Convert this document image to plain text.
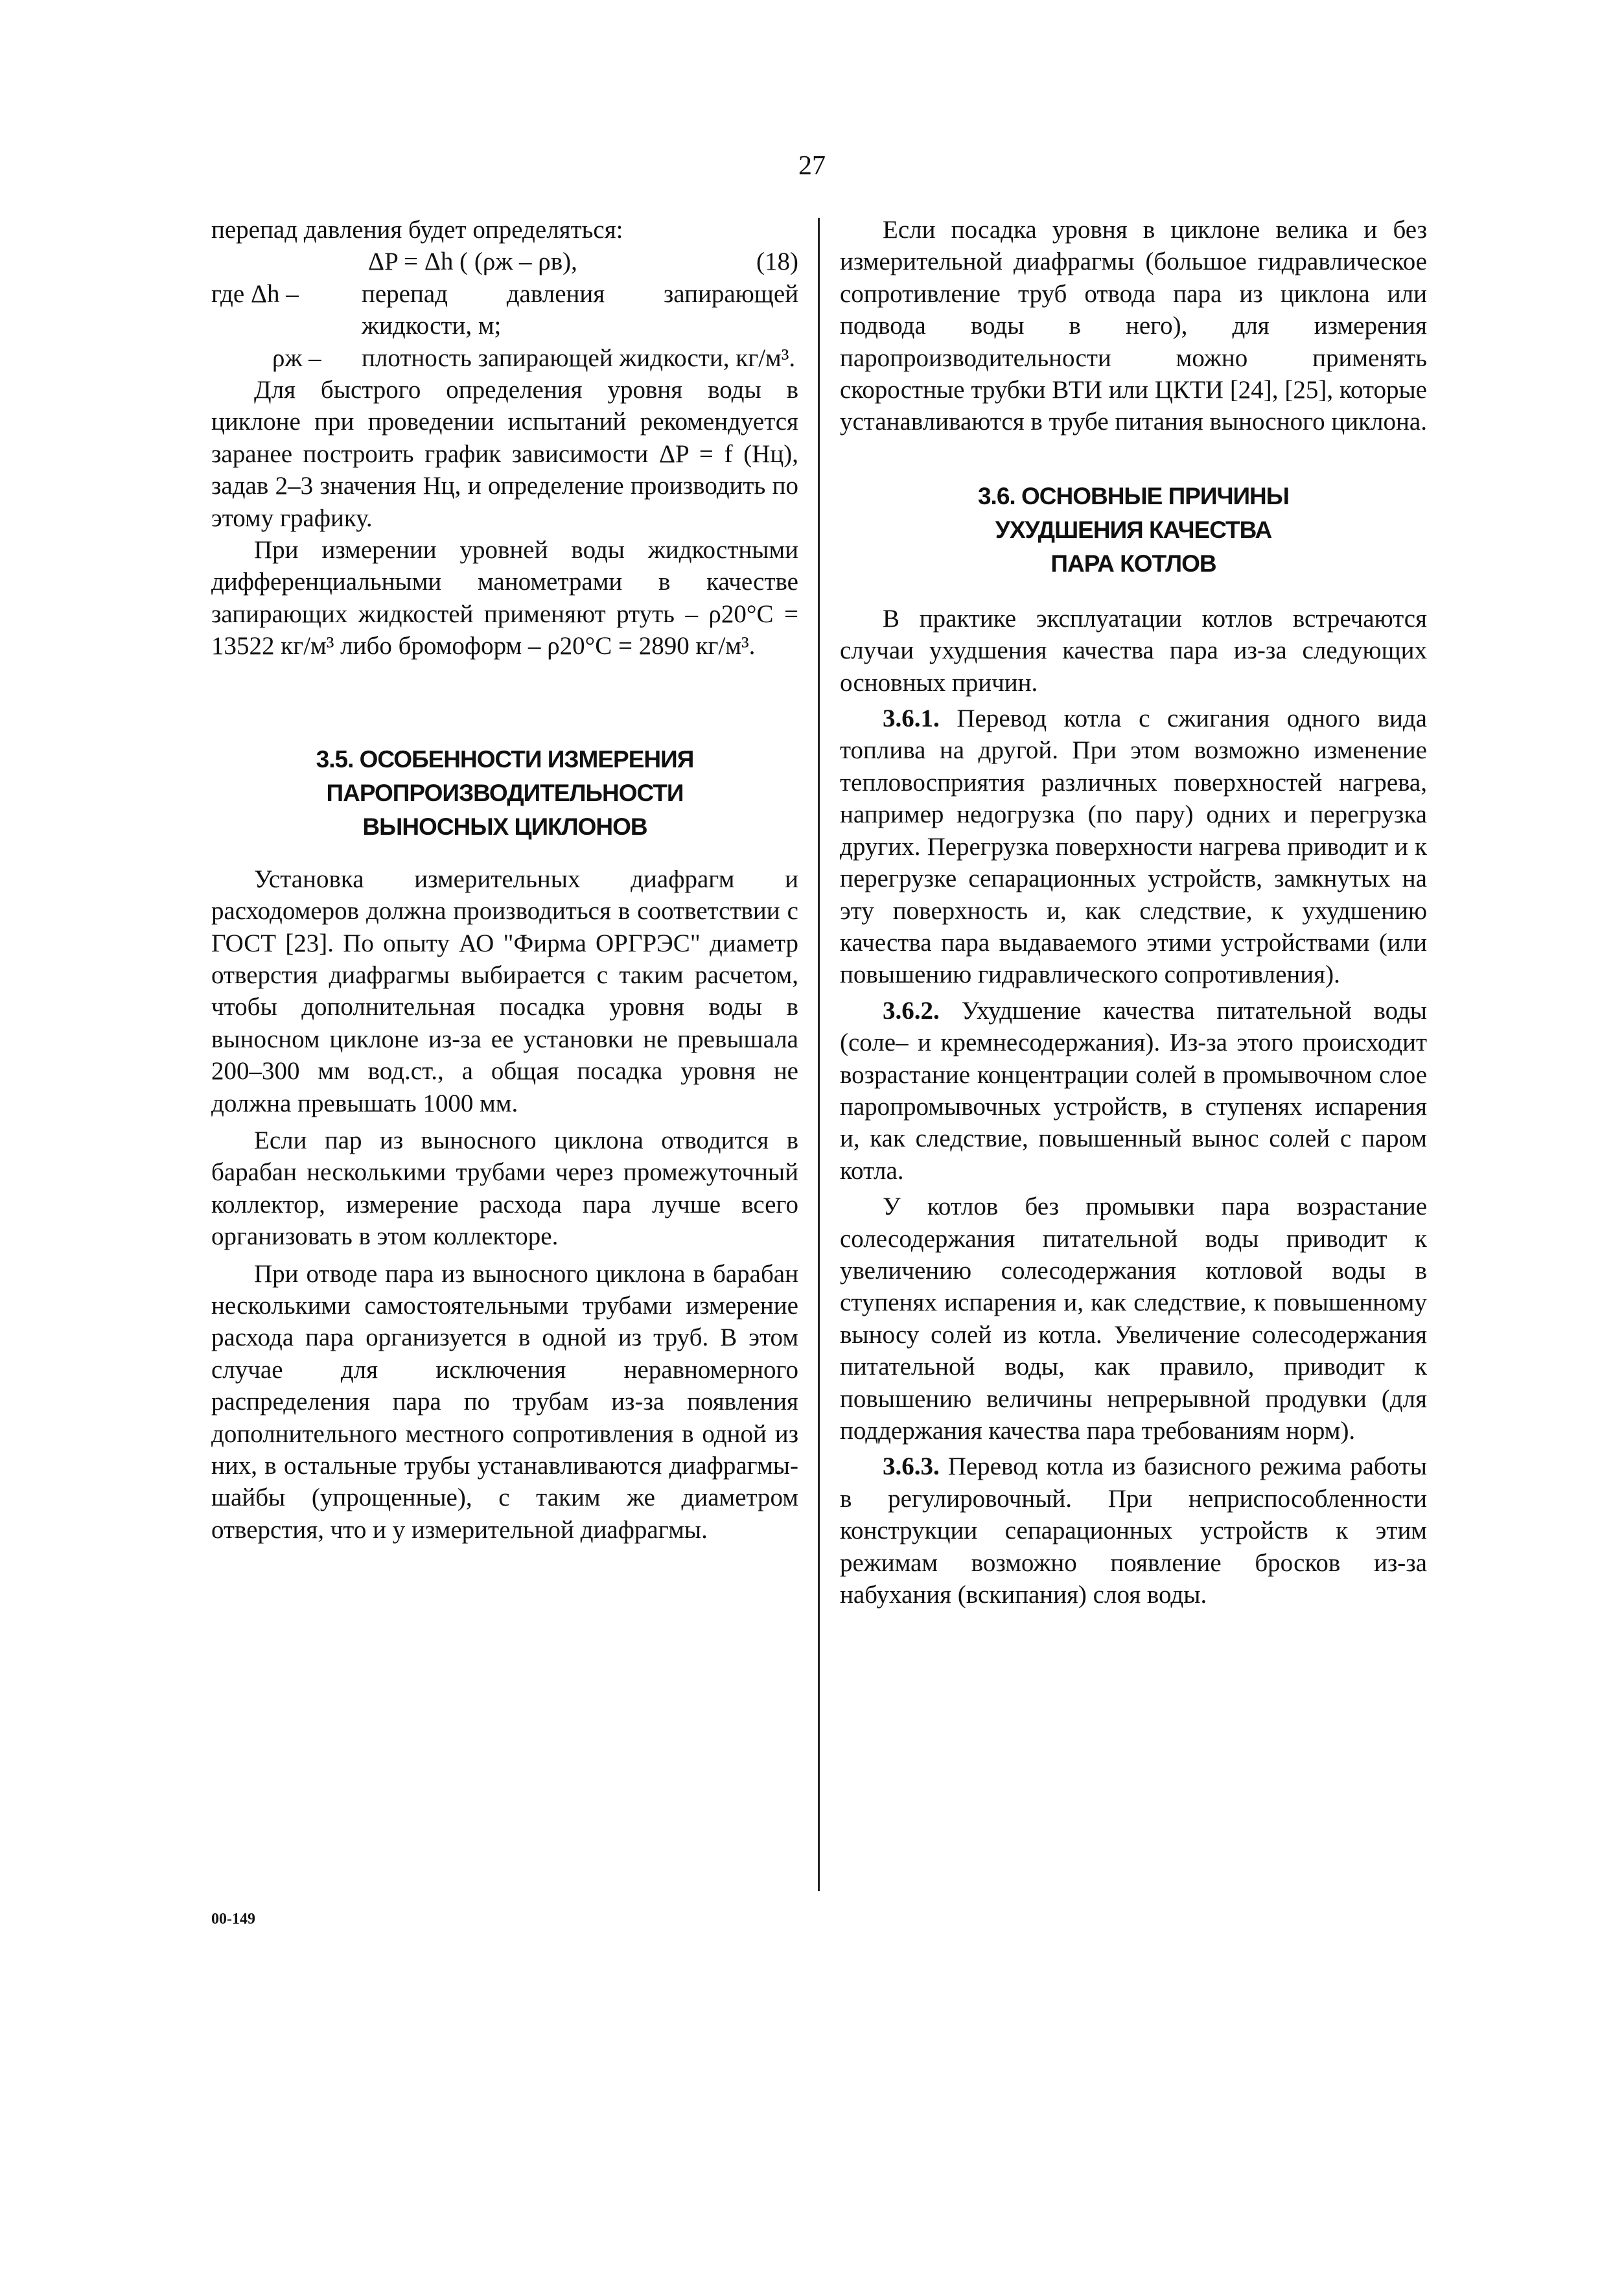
27

перепад давления будет определяться:

ΔP = Δh ( (ρж – ρв),	(18)
где Δh –	перепад давления запирающей жидкости, м;
ρж –	плотность запирающей жидкости, кг/м³.

Для быстрого определения уровня воды в циклоне при проведении испытаний рекомендуется заранее построить график зависимости ΔP = f (Hц), задав 2–3 значения Hц, и определение производить по этому графику.

При измерении уровней воды жидкостными дифференциальными манометрами в качестве запирающих жидкостей применяют ртуть – ρ20°C = 13522 кг/м³ либо бромоформ – ρ20°C = 2890 кг/м³.

3.5. ОСОБЕННОСТИ ИЗМЕРЕНИЯ
ПАРОПРОИЗВОДИТЕЛЬНОСТИ
ВЫНОСНЫХ ЦИКЛОНОВ

Установка измерительных диафрагм и расходомеров должна производиться в соответствии с ГОСТ [23]. По опыту АО "Фирма ОРГРЭС" диаметр отверстия диафрагмы выбирается с таким расчетом, чтобы дополнительная посадка уровня воды в выносном циклоне из-за ее установки не превышала 200–300 мм вод.ст., а общая посадка уровня не должна превышать 1000 мм.

Если пар из выносного циклона отводится в барабан несколькими трубами через промежуточный коллектор, измерение расхода пара лучше всего организовать в этом коллекторе.

При отводе пара из выносного циклона в барабан несколькими самостоятельными трубами измерение расхода пара организуется в одной из труб. В этом случае для исключения неравномерного распределения пара по трубам из-за появления дополнительного местного сопротивления в одной из них, в остальные трубы устанавливаются диафрагмы-шайбы (упрощенные), с таким же диаметром отверстия, что и у измерительной диафрагмы.

Если посадка уровня в циклоне велика и без измерительной диафрагмы (большое гидравлическое сопротивление труб отвода пара из циклона или подвода воды в него), для измерения паропроизводительности можно применять скоростные трубки ВТИ или ЦКТИ [24], [25], которые устанавливаются в трубе питания выносного циклона.

3.6. ОСНОВНЫЕ ПРИЧИНЫ
УХУДШЕНИЯ КАЧЕСТВА
ПАРА КОТЛОВ

В практике эксплуатации котлов встречаются случаи ухудшения качества пара из-за следующих основных причин.

3.6.1. Перевод котла с сжигания одного вида топлива на другой. При этом возможно изменение тепловосприятия различных поверхностей нагрева, например недогрузка (по пару) одних и перегрузка других. Перегрузка поверхности нагрева приводит и к перегрузке сепарационных устройств, замкнутых на эту поверхность и, как следствие, к ухудшению качества пара выдаваемого этими устройствами (или повышению гидравлического сопротивления).

3.6.2. Ухудшение качества питательной воды (соле– и кремнесодержания). Из-за этого происходит возрастание концентрации солей в промывочном слое паропромывочных устройств, в ступенях испарения и, как следствие, повышенный вынос солей с паром котла.

У котлов без промывки пара возрастание солесодержания питательной воды приводит к увеличению солесодержания котловой воды в ступенях испарения и, как следствие, к повышенному выносу солей из котла. Увеличение солесодержания питательной воды, как правило, приводит к повышению величины непрерывной продувки (для поддержания качества пара требованиям норм).

3.6.3. Перевод котла из базисного режима работы в регулировочный. При неприспособленности конструкции сепарационных устройств к этим режимам возможно появление бросков из-за набухания (вскипания) слоя воды.

00-149
